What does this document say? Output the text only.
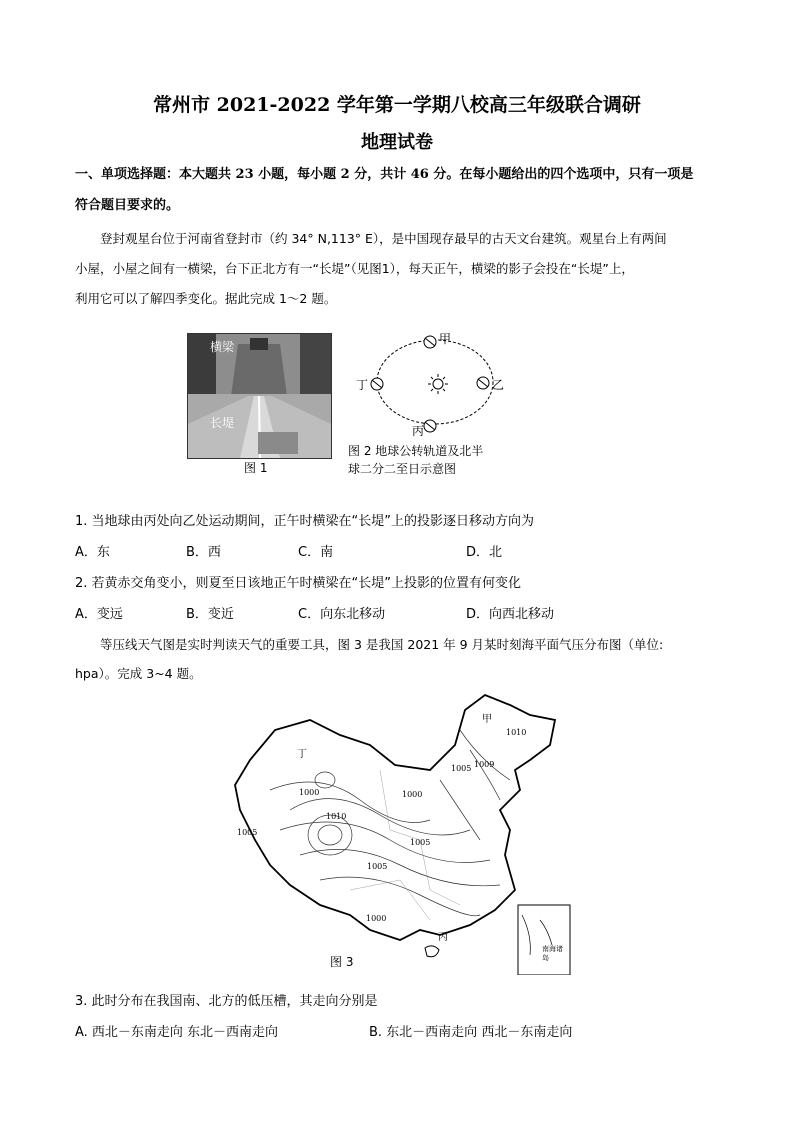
常州市 2021-2022 学年第一学期八校高三年级联合调研
地理试卷
一、单项选择题：本大题共 23 小题，每小题 2 分，共计 46 分。在每小题给出的四个选项中，只有一项是
符合题目要求的。
登封观星台位于河南省登封市（约 34° N,113° E），是中国现存最早的古天文台建筑。观星台上有两间
小屋，小屋之间有一横梁，台下正北方有一“长堤”（见图1），每天正午，横梁的影子会投在“长堤”上，
利用它可以了解四季变化。据此完成 1～2 题。
横梁
长堤
图 1
甲
乙
丙
丁
图 2 地球公转轨道及北半
球二分二至日示意图
1. 当地球由丙处向乙处运动期间，正午时横梁在“长堤”上的投影逐日移动方向为
A．东	B．西	C．南	D．北
2. 若黄赤交角变小，则夏至日该地正午时横梁在“长堤”上投影的位置有何变化
A．变远	B．变近	C．向东北移动	D．向西北移动
等压线天气图是实时判读天气的重要工具，图 3 是我国 2021 年 9 月某时刻海平面气压分布图（单位:
hpa）。完成 3~4 题。
甲
丁
丙
1010
1005 1009
1000
1010
1005
1000
1005
1005
1000
南海诸岛
图 3
3. 此时分布在我国南、北方的低压槽，其走向分别是
A. 西北－东南走向 东北－西南走向	B. 东北－西南走向 西北－东南走向
